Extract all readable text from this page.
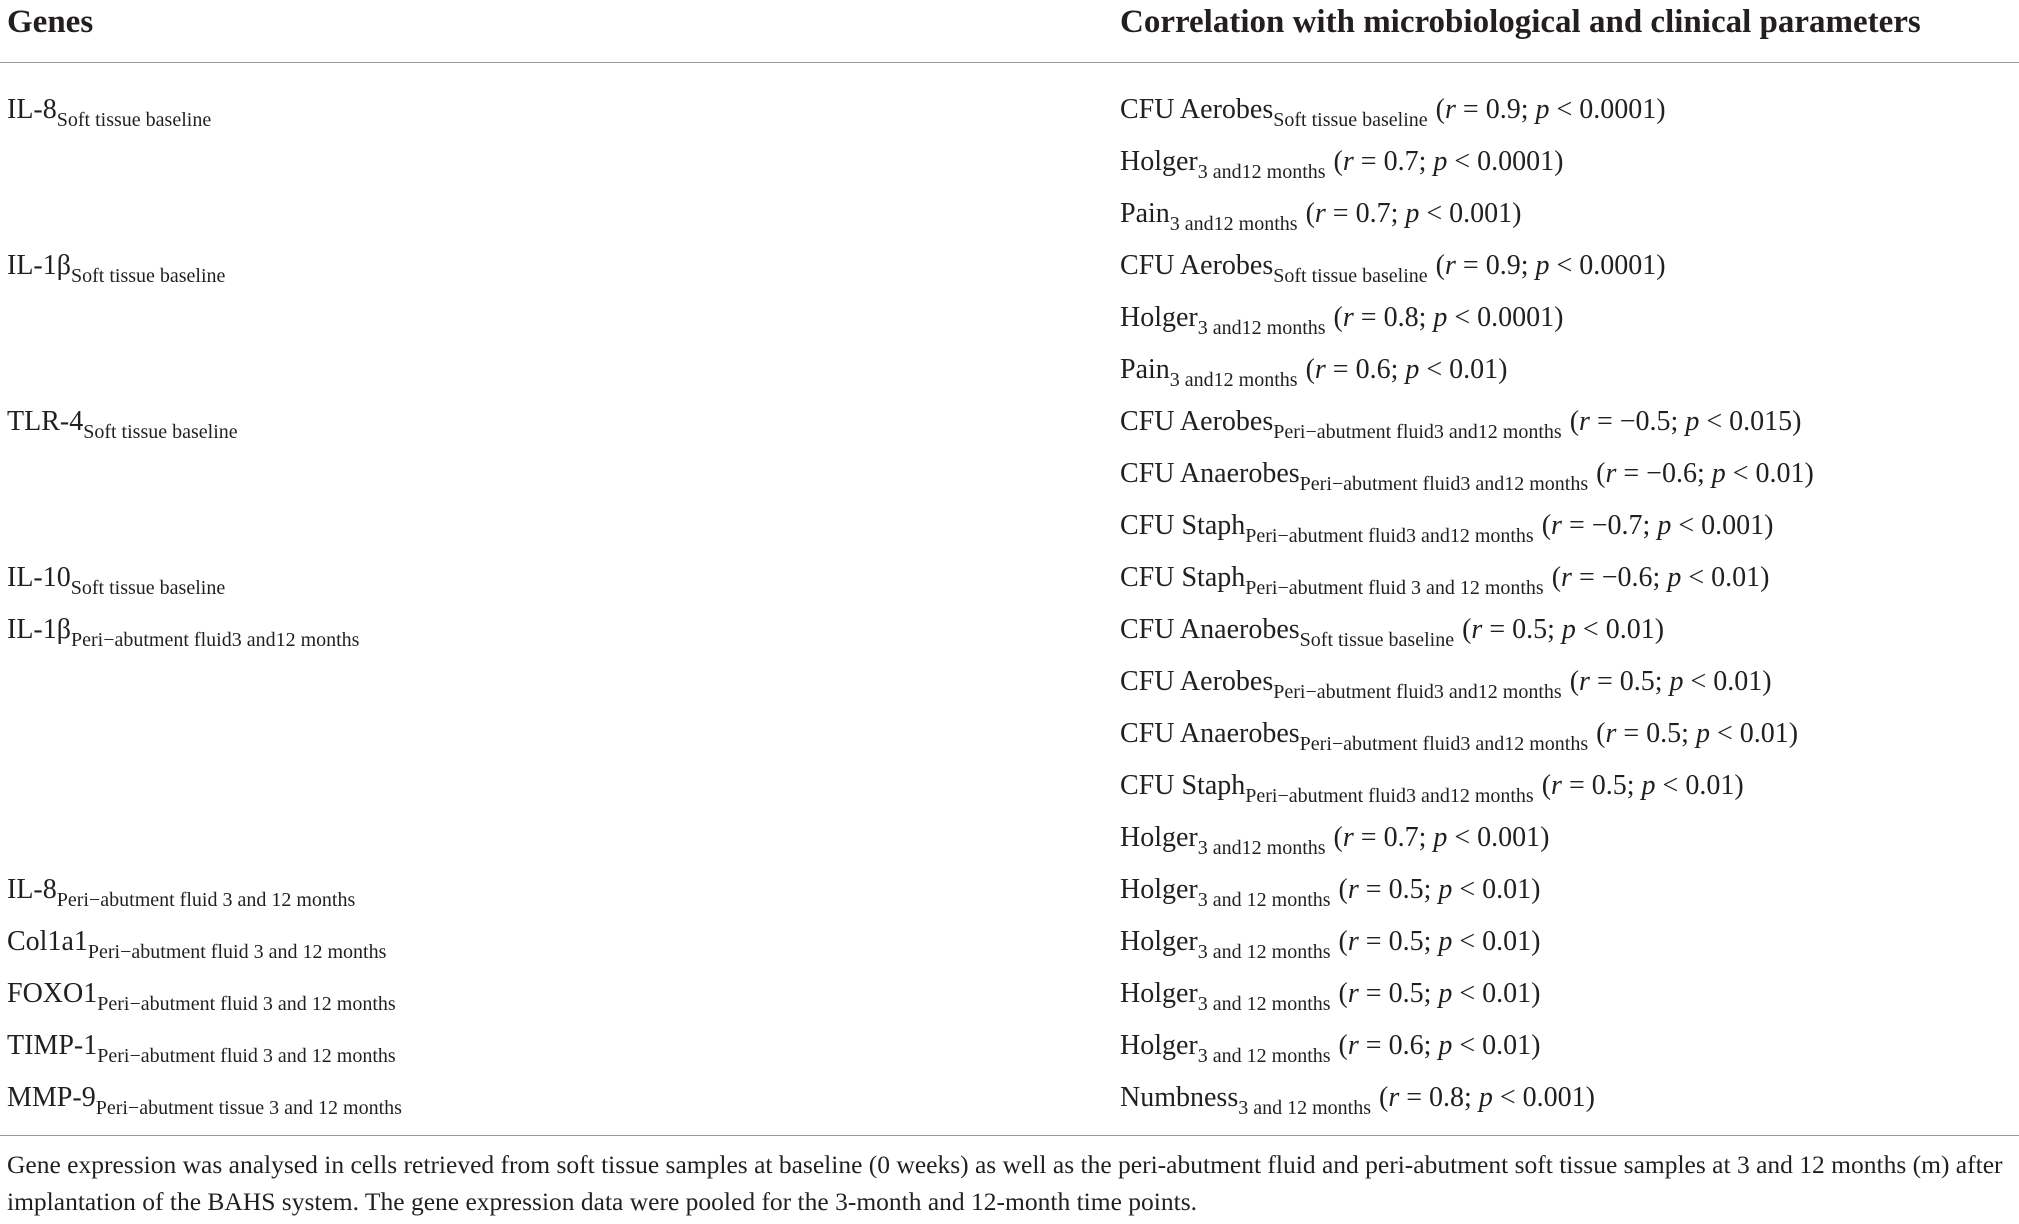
Genes	Correlation with microbiological and clinical parameters
$IL-8_{Soft tissue baseline}$
$IL-1\beta_{Soft tissue baseline}$
TLR-$4_{Soft tissue baseline}$
$IL-10_{Soft tissue baseline}$
$IL-1\beta_{Peri-abutment fluid3 and12 months}$
$IL-8_{Peri-abutment fluid 3 and 12 months}$
$Col1a1_{Peri-abutment fluid 3 and 12 months}$
$FOXO1_{Peri-abutment fluid 3 and 12 months}$
TIMP-$1_{Peri-abutment fluid 3 and 12 months}$
MMP-$9_{Peri-abutment tissue 3 and 12 months}$
CFU Aerobes$_{Soft tissue baseline}$ (r = 0.9; p < 0.0001)
Holger$_{3 and12 months}$ (r = 0.7; p < 0.0001)
Pain$_{3 and12 months}$ (r = 0.7; p < 0.001)
CFU Aerobes$_{Soft tissue baseline}$ (r = 0.9; p < 0.0001)
Holger$_{3 and12 months}$ (r = 0.8; p < 0.0001)
Pain$_{3 and12 months}$ (r = 0.6; p < 0.01)
CFU Aerobes$_{Peri-abutment fluid3 and12 months}$ (r = −0.5; p < 0.015)
CFU Anaerobes$_{Peri-abutment fluid3 and12 months}$ (r = −0.6; p < 0.01)
CFU Staph$_{Peri-abutment fluid3 and12 months}$ (r = −0.7; p < 0.001)
CFU Staph$_{Peri-abutment fluid 3 and 12 months}$ (r = −0.6; p < 0.01)
CFU Anaerobes$_{Soft tissue baseline}$ (r = 0.5; p < 0.01)
CFU Aerobes$_{Peri-abutment fluid3 and12 months}$ (r = 0.5; p < 0.01)
CFU Anaerobes$_{Peri-abutment fluid3 and12 months}$ (r = 0.5; p < 0.01)
CFU Staph$_{Peri-abutment fluid3 and12 months}$ (r = 0.5; p < 0.01)
Holger$_{3 and12 months}$ (r = 0.7; p < 0.001)
Holger$_{3 and 12 months}$ (r = 0.5; p < 0.01)
Holger$_{3 and 12 months}$ (r = 0.5; p < 0.01)
Holger$_{3 and 12 months}$ (r = 0.5; p < 0.01)
Holger$_{3 and 12 months}$ (r = 0.6; p < 0.01)
Numbness$_{3 and 12 months}$ (r = 0.8; p < 0.001)
Gene expression was analysed in cells retrieved from soft tissue samples at baseline (0 weeks) as well as the peri-abutment fluid and peri-abutment soft tissue samples at 3 and 12 months (m) after implantation of the BAHS system. The gene expression data were pooled for the 3-month and 12-month time points.
